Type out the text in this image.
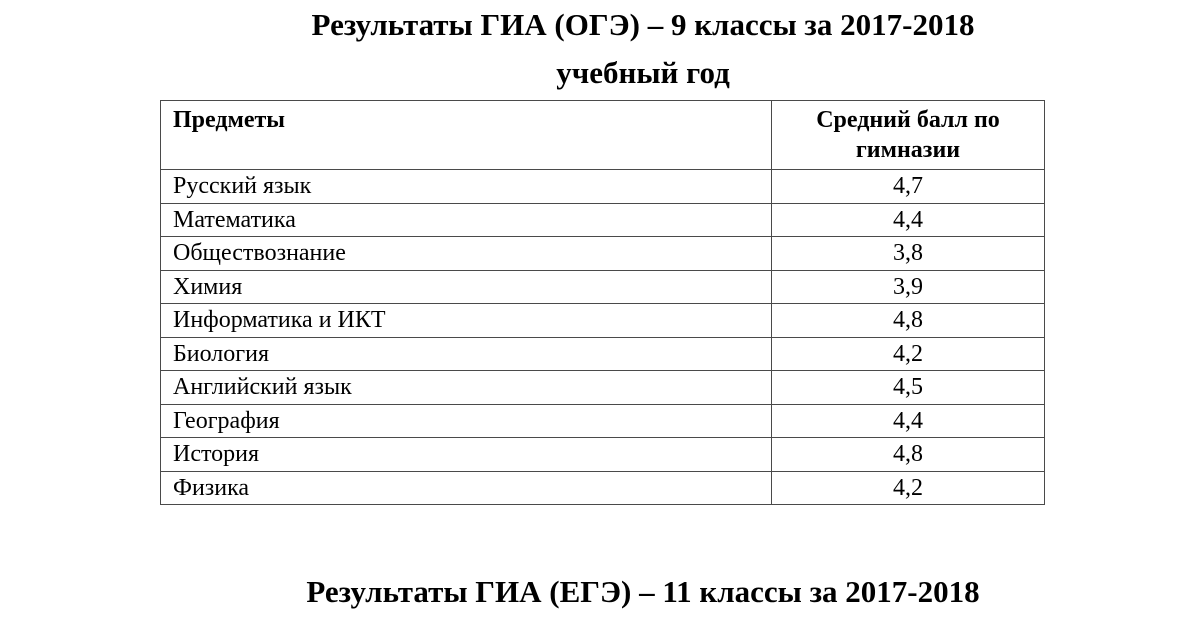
Результаты ГИА (ОГЭ) – 9 классы за 2017-2018
учебный год
Предметы	Средний балл по гимназии
Русский язык	4,7
Математика	4,4
Обществознание	3,8
Химия	3,9
Информатика и ИКТ	4,8
Биология	4,2
Английский язык	4,5
География	4,4
История	4,8
Физика	4,2
Результаты ГИА (ЕГЭ) – 11 классы за 2017-2018
